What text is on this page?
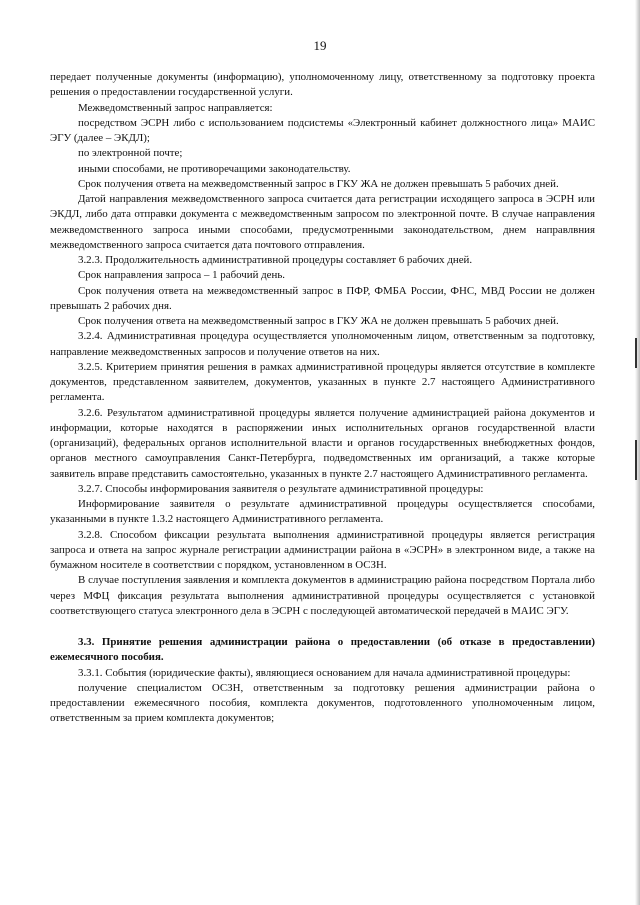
19

передает полученные документы (информацию), уполномоченному лицу, ответственному за подготовку проекта решения о предоставлении государственной услуги.

Межведомственный запрос направляется:

посредством ЭСРН либо с использованием подсистемы «Электронный кабинет должностного лица» МАИС ЭГУ (далее – ЭКДЛ);

по электронной почте;

иными способами, не противоречащими законодательству.

Срок получения ответа на межведомственный запрос в ГКУ ЖА не должен превышать 5 рабочих дней.

Датой направления межведомственного запроса считается дата регистрации исходящего запроса в ЭСРН или ЭКДЛ, либо дата отправки документа с межведомственным запросом по электронной почте. В случае направления межведомственного запроса иными способами, предусмотренными законодательством, днем направлвния межведомственного запроса считается дата почтового отправления.

3.2.3. Продолжительность административной процедуры составляет 6 рабочих дней.

Срок направления запроса – 1 рабочий день.

Срок получения ответа на межведомственный запрос в ПФР, ФМБА России, ФНС, МВД России не должен превышать 2 рабочих дня.

Срок получения ответа на межведомственный запрос в ГКУ ЖА не должен превышать 5 рабочих дней.

3.2.4. Административная процедура осуществляется уполномоченным лицом, ответственным за подготовку, направление межведомственных запросов и получение ответов на них.

3.2.5. Критерием принятия решения в рамках административной процедуры является отсутствие в комплекте документов, представленном заявителем, документов, указанных в пункте 2.7 настоящего Административного регламента.

3.2.6. Результатом административной процедуры является получение администрацией района документов и информации, которые находятся в распоряжении иных исполнительных органов государственной власти (организаций), федеральных органов исполнительной власти и органов государственных внебюджетных фондов, органов местного самоуправления Санкт-Петербурга, подведомственных им организаций, а также которые заявитель вправе представить самостоятельно, указанных в пункте 2.7 настоящего Административного регламента.

3.2.7. Способы информирования заявителя о результате административной процедуры:

Информирование заявителя о результате административной процедуры осуществляется способами, указанными в пункте 1.3.2 настоящего Административного регламента.

3.2.8. Способом фиксации результата выполнения административной процедуры является регистрация запроса и ответа на запрос журнале регистрации администрации района в «ЭСРН» в электронном виде, а также на бумажном носителе в соответствии с порядком, установленном в ОСЗН.

В случае поступления заявления и комплекта документов в администрацию района посредством Портала либо через МФЦ фиксация результата выполнения административной процедуры осуществляется с установкой соответствующего статуса электронного дела в ЭСРН с последующей автоматической передачей в МАИС ЭГУ.

3.3. Принятие решения администрации района о предоставлении (об отказе в предоставлении) ежемесячного пособия.

3.3.1. События (юридические факты), являющиеся основанием для начала административной процедуры:

получение специалистом ОСЗН, ответственным за подготовку решения администрации района о предоставлении ежемесячного пособия, комплекта документов, подготовленного уполномоченным лицом, ответственным за прием комплекта документов;
